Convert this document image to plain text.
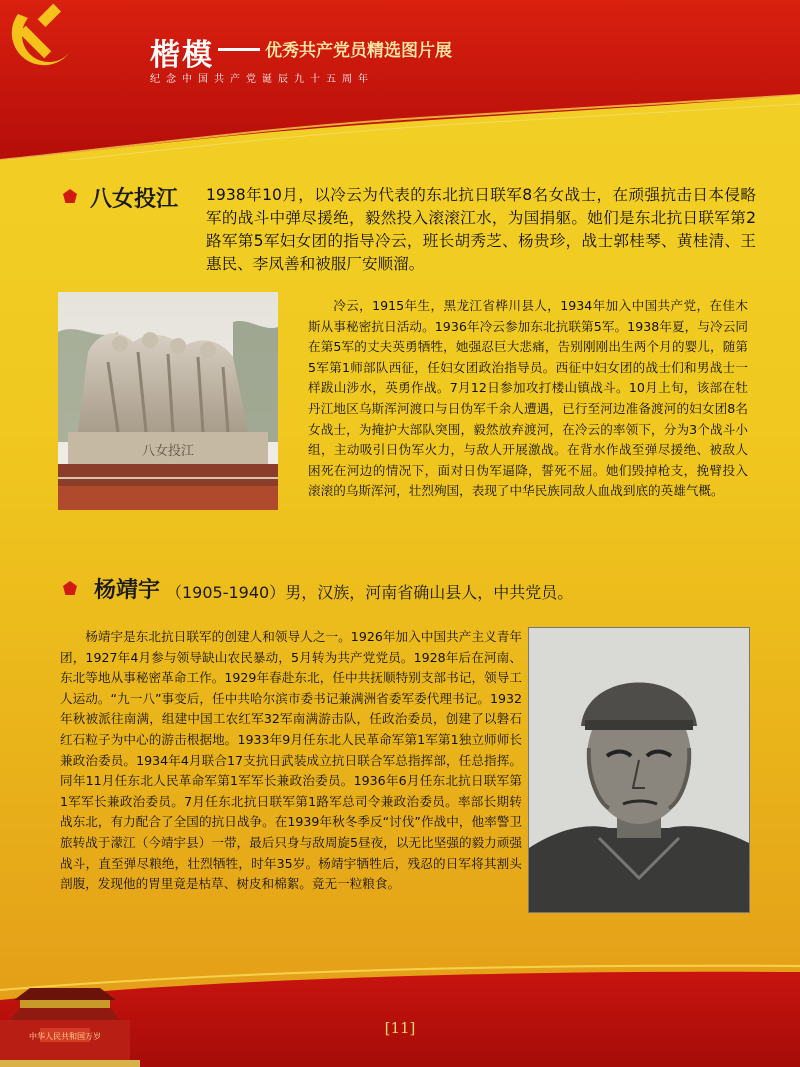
楷模	优秀共产党员精选图片展
纪念中国共产党诞辰九十五周年
八女投江 1938年10月，以冷云为代表的东北抗日联军8名女战士，在顽强抗击日本侵略军的战斗中弹尽援绝，毅然投入滚滚江水，为国捐躯。她们是东北抗日联军第2路军第5军妇女团的指导冷云，班长胡秀芝、杨贵珍，战士郭桂琴、黄桂清、王惠民、李凤善和被服厂安顺溜。
八女投江
冷云，1915年生，黑龙江省桦川县人，1934年加入中国共产党，在佳木斯从事秘密抗日活动。1936年冷云参加东北抗联第5军。1938年夏，与冷云同在第5军的丈夫英勇牺牲，她强忍巨大悲痛，告别刚刚出生两个月的婴儿，随第5军第1师部队西征，任妇女团政治指导员。西征中妇女团的战士们和男战士一样跋山涉水，英勇作战。7月12日参加攻打楼山镇战斗。10月上旬，该部在牡丹江地区乌斯浑河渡口与日伪军千余人遭遇，已行至河边准备渡河的妇女团8名女战士，为掩护大部队突围，毅然放弃渡河，在冷云的率领下，分为3个战斗小组，主动吸引日伪军火力，与敌人开展激战。在背水作战至弹尽援绝、被敌人困死在河边的情况下，面对日伪军逼降，誓死不屈。她们毁掉枪支，挽臂投入滚滚的乌斯浑河，壮烈殉国，表现了中华民族同敌人血战到底的英雄气概。
杨靖宇 （1905-1940）男，汉族，河南省确山县人，中共党员。
杨靖宇是东北抗日联军的创建人和领导人之一。1926年加入中国共产主义青年团，1927年4月参与领导缺山农民暴动，5月转为共产党党员。1928年后在河南、东北等地从事秘密革命工作。1929年春赴东北，任中共抚顺特别支部书记，领导工人运动。“九一八”事变后，任中共哈尔滨市委书记兼满洲省委军委代理书记。1932年秋被派往南满，组建中国工农红军32军南满游击队，任政治委员，创建了以磐石红石粒子为中心的游击根据地。1933年9月任东北人民革命军第1军第1独立师师长兼政治委员。1934年4月联合17支抗日武装成立抗日联合军总指挥部，任总指挥。同年11月任东北人民革命军第1军军长兼政治委员。1936年6月任东北抗日联军第1军军长兼政治委员。7月任东北抗日联军第1路军总司令兼政治委员。率部长期转战东北，有力配合了全国的抗日战争。在1939年秋冬季反“讨伐”作战中，他率警卫旅转战于濛江（今靖宇县）一带，最后只身与敌周旋5昼夜，以无比坚强的毅力顽强战斗，直至弹尽粮绝，壮烈牺牲，时年35岁。杨靖宇牺牲后，残忍的日军将其割头剖腹，发现他的胃里竟是枯草、树皮和棉絮。竟无一粒粮食。
中华人民共和国万岁	[11]
